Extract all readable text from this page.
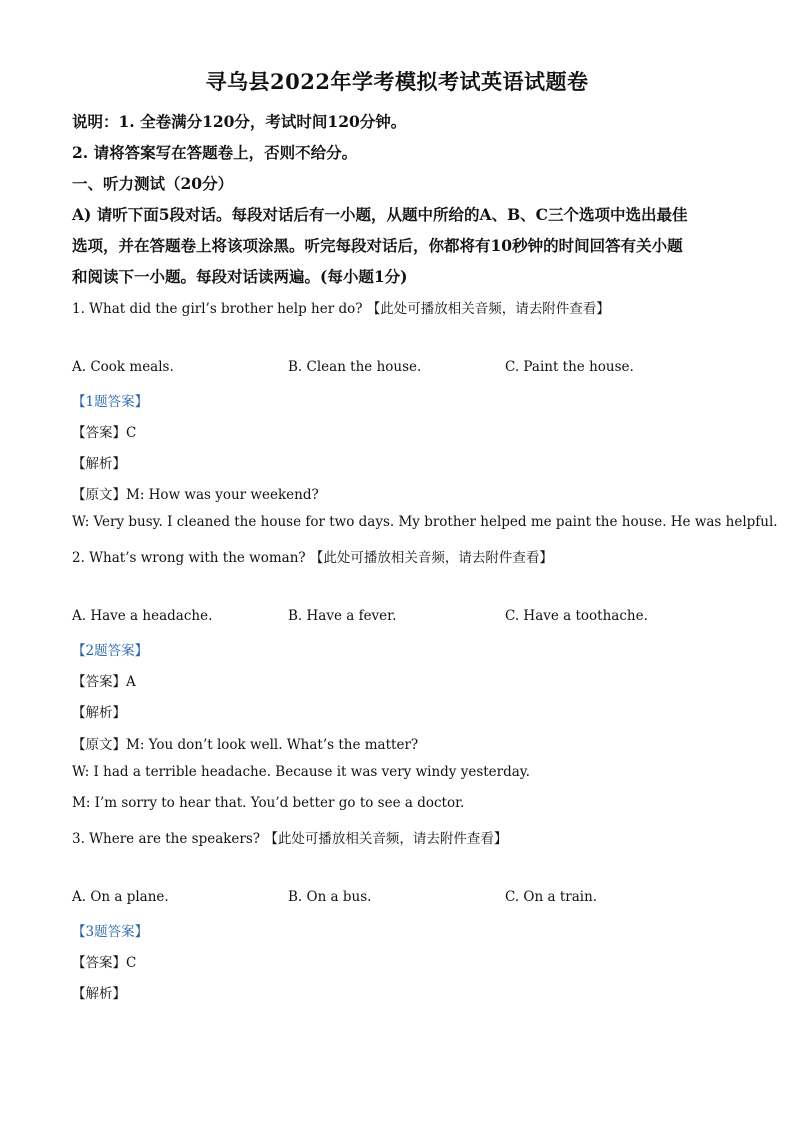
寻乌县2022年学考模拟考试英语试题卷
说明：1. 全卷满分120分，考试时间120分钟。
2. 请将答案写在答题卷上，否则不给分。
一、听力测试（20分）
A) 请听下面5段对话。每段对话后有一小题，从题中所给的A、B、C三个选项中选出最佳
选项，并在答题卷上将该项涂黑。听完每段对话后，你都将有10秒钟的时间回答有关小题
和阅读下一小题。每段对话读两遍。(每小题1分)
1. What did the girl’s brother help her do? 【此处可播放相关音频，请去附件查看】
A. Cook meals.	B. Clean the house.	C. Paint the house.
【1题答案】
【答案】C
【解析】
【原文】M: How was your weekend?
W: Very busy. I cleaned the house for two days. My brother helped me paint the house. He was helpful.
2. What’s wrong with the woman? 【此处可播放相关音频，请去附件查看】
A. Have a headache.	B. Have a fever.	C. Have a toothache.
【2题答案】
【答案】A
【解析】
【原文】M: You don’t look well. What’s the matter?
W: I had a terrible headache. Because it was very windy yesterday.
M: I’m sorry to hear that. You’d better go to see a doctor.
3. Where are the speakers? 【此处可播放相关音频，请去附件查看】
A. On a plane.	B. On a bus.	C. On a train.
【3题答案】
【答案】C
【解析】
